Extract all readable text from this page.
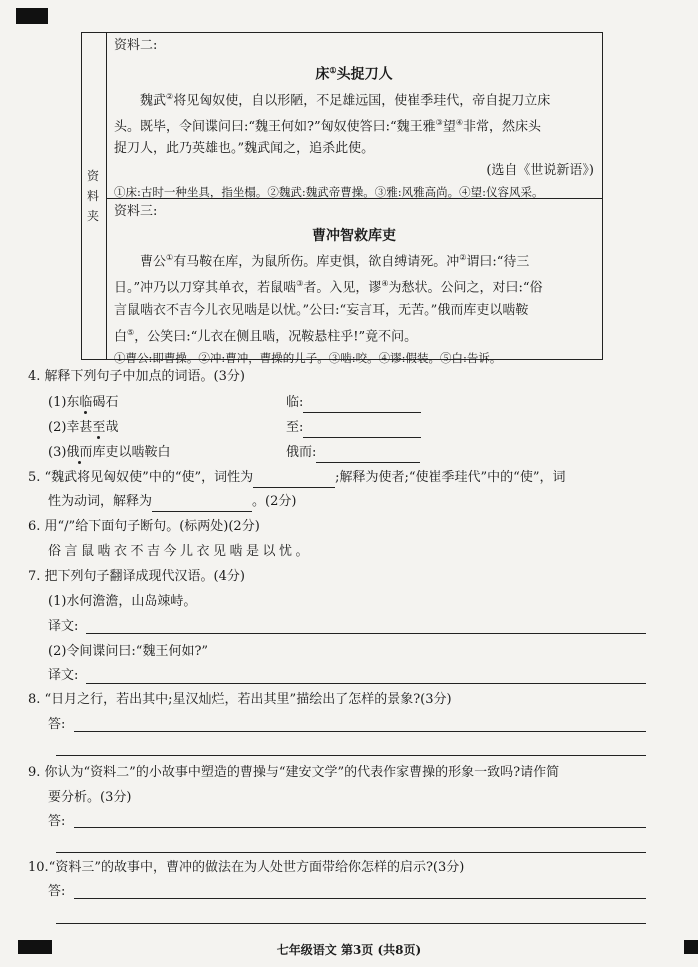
资
料
夹
资料二:
床①头捉刀人

魏武②将见匈奴使，自以形陋，不足雄远国，使崔季珪代，帝自捉刀立床

头。既毕，令间谍问曰:“魏王何如?”匈奴使答曰:“魏王雅③望④非常，然床头
捉刀人，此乃英雄也。”魏武闻之，追杀此使。
(选自《世说新语》)
①床:古时一种坐具，指坐榻。②魏武:魏武帝曹操。③雅:风雅高尚。④望:仪容风采。
资料三:
曹冲智救库吏

曹公①有马鞍在库，为鼠所伤。库吏惧，欲自缚请死。冲②谓曰:“待三

日。”冲乃以刀穿其单衣，若鼠啮③者。入见，谬④为愁状。公问之，对曰:“俗
言鼠啮衣不吉今儿衣见啮是以忧。”公曰:“妄言耳，无苦。”俄而库吏以啮鞍
白⑤，公笑曰:“儿衣在侧且啮，况鞍悬柱乎!”竟不问。
①曹公:即曹操。②冲:曹冲，曹操的儿子。③啮:咬。④谬:假装。⑤白:告诉。
4. 解释下列句子中加点的词语。(3分)
(1)东临碣石	临:
(2)幸甚至哉	至:
(3)俄而库吏以啮鞍白	俄而:
5. “魏武将见匈奴使”中的“使”，词性为	;解释为使者;“使崔季珪代”中的“使”，词
性为动词，解释为	。(2分)
6. 用“/”给下面句子断句。(标两处)(2分)
俗言鼠啮衣不吉今儿衣见啮是以忧。
7. 把下列句子翻译成现代汉语。(4分)
(1)水何澹澹，山岛竦峙。
译文:
(2)令间谍问曰:“魏王何如?”
译文:
8. “日月之行，若出其中;星汉灿烂，若出其里”描绘出了怎样的景象?(3分)
答:
9. 你认为“资料二”的小故事中塑造的曹操与“建安文学”的代表作家曹操的形象一致吗?请作简
要分析。(3分)
答:
10.“资料三”的故事中，曹冲的做法在为人处世方面带给你怎样的启示?(3分)
答:
七年级语文 第3页 (共8页)
